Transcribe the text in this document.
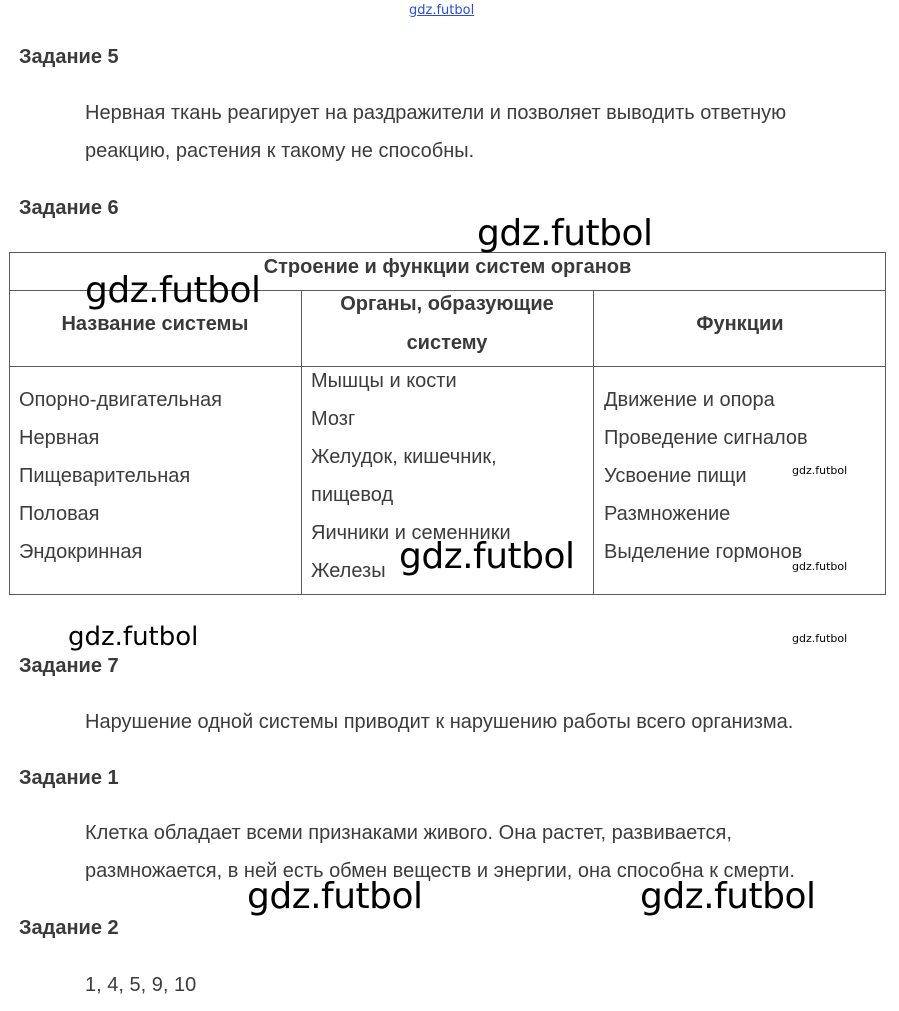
gdz.futbol
Задание 5
Нервная ткань реагирует на раздражители и позволяет выводить ответную
реакцию, растения к такому не способны.
Задание 6
Строение и функции систем органов
Название системы
Органы, образующие
систему
Функции
Опорно-двигательная
Нервная
Пищеварительная
Половая
Эндокринная
Мышцы и кости
Мозг
Желудок, кишечник,
пищевод
Яичники и семенники
Железы
Движение и опора
Проведение сигналов
Усвоение пищи
Размножение
Выделение гормонов
Задание 7
Нарушение одной системы приводит к нарушению работы всего организма.
Задание 1
Клетка обладает всеми признаками живого. Она растет, развивается,
размножается, в ней есть обмен веществ и энергии, она способна к смерти.
Задание 2
1, 4, 5, 9, 10
gdz.futbol
gdz.futbol
gdz.futbol
gdz.futbol
gdz.futbol	gdz.futbol
gdz.futbol
gdz.futbol
gdz.futbol
